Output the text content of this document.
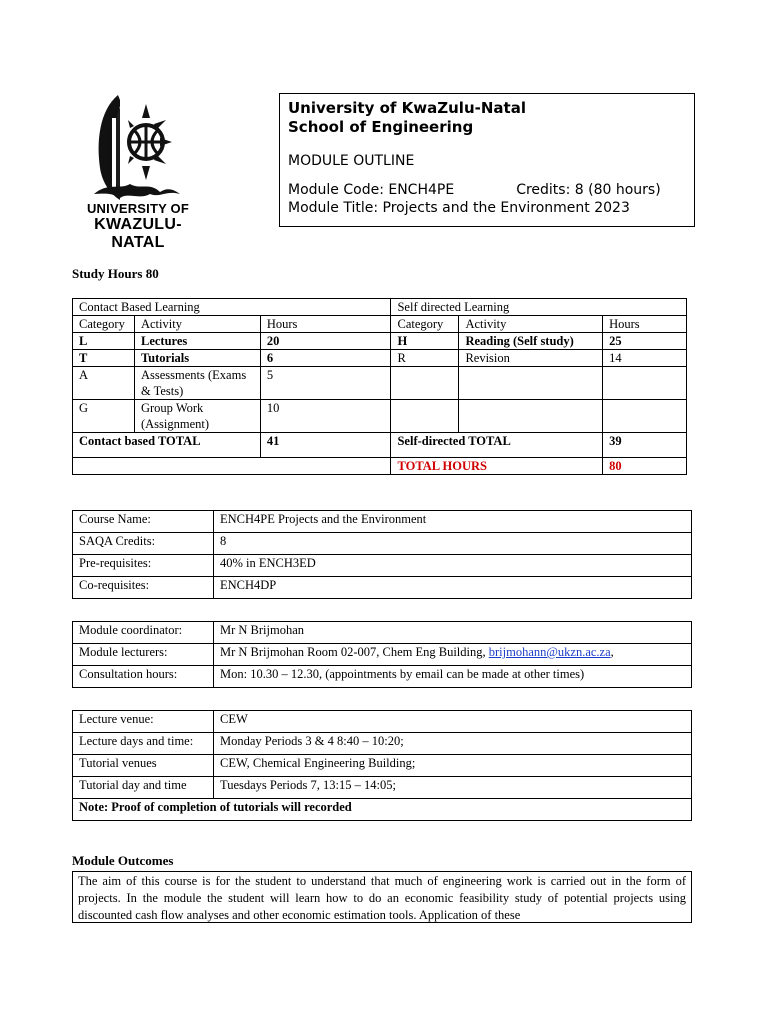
UNIVERSITY OF
KWAZULU-NATAL
University of KwaZulu-Natal
School of Engineering
MODULE OUTLINE
Module Code: ENCH4PE	Credits: 8 (80 hours)
Module Title: Projects and the Environment 2023
Study Hours 80
Contact Based Learning			Self directed Learning		
Category	Activity	Hours	Category	Activity	Hours
L	Lectures	20	H	Reading (Self study)	25
T	Tutorials	6	R	Revision	14
A	Assessments (Exams & Tests)	5			
G	Group Work (Assignment)	10			
Contact based TOTAL		41	Self-directed TOTAL		39
			TOTAL HOURS		80
Course Name:	ENCH4PE Projects and the Environment
SAQA Credits:	8
Pre-requisites:	40% in ENCH3ED
Co-requisites:	ENCH4DP
Module coordinator:	Mr N Brijmohan
Module lecturers:	Mr N Brijmohan Room 02-007, Chem Eng Building, brijmohann@ukzn.ac.za,
Consultation hours:	Mon: 10.30 – 12.30, (appointments by email can be made at other times)
Lecture venue:	CEW
Lecture days and time:	Monday Periods 3 & 4 8:40 – 10:20;
Tutorial venues	CEW, Chemical Engineering Building;
Tutorial day and time	Tuesdays Periods 7, 13:15 – 14:05;
Note: Proof of completion of tutorials will recorded	
Module Outcomes
The aim of this course is for the student to understand that much of engineering work is carried out in the form of projects. In the module the student will learn how to do an economic feasibility study of potential projects using discounted cash flow analyses and other economic estimation tools. Application of these
